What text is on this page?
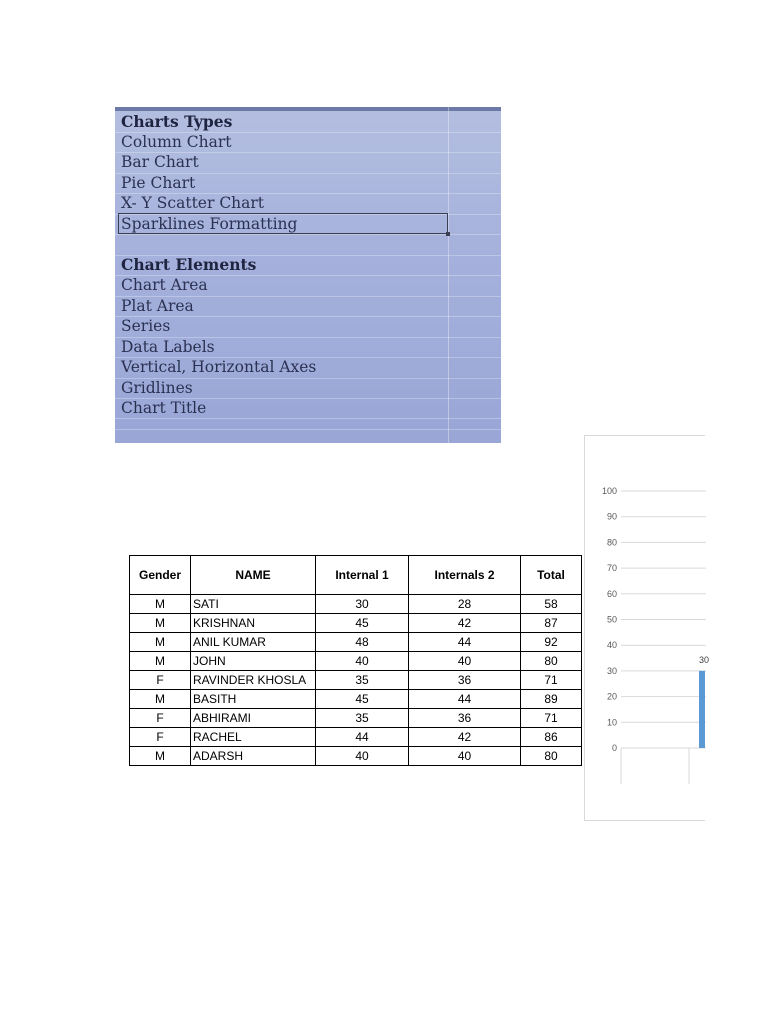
Charts Types
Column Chart
Bar Chart
Pie Chart
X- Y Scatter Chart
Sparklines Formatting
Chart Elements
Chart Area
Plat Area
Series
Data Labels
Vertical, Horizontal Axes
Gridlines
Chart Title
Gender	NAME	Internal 1	Internals 2	Total
M	SATI	30	28	58
M	KRISHNAN	45	42	87
M	ANIL KUMAR	48	44	92
M	JOHN	40	40	80
F	RAVINDER KHOSLA	35	36	71
M	BASITH	45	44	89
F	ABHIRAMI	35	36	71
F	RACHEL	44	42	86
M	ADARSH	40	40	80
0
10
20
30
40
50
60
70
80
90
100
30
